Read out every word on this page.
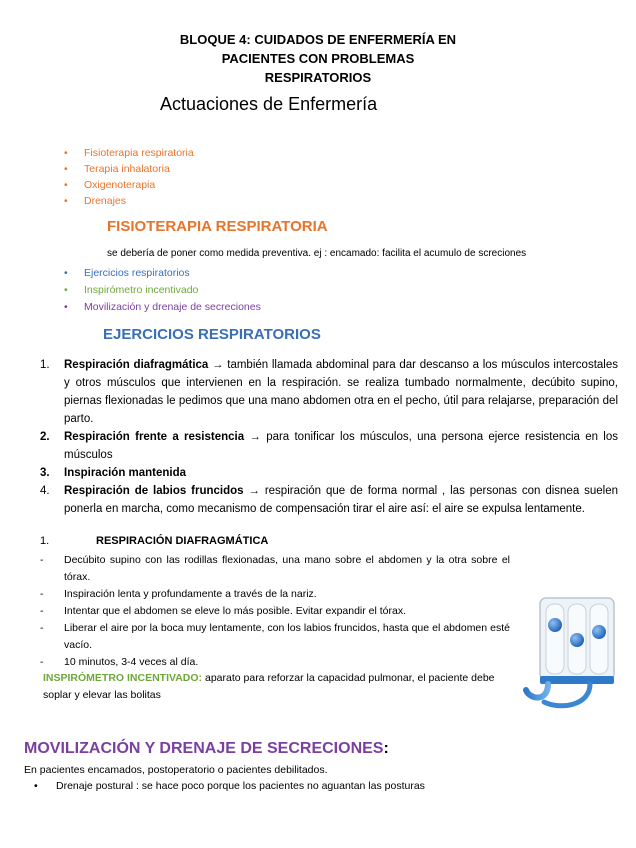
BLOQUE 4: CUIDADOS DE ENFERMERÍA EN
PACIENTES CON PROBLEMAS
RESPIRATORIOS
Actuaciones de Enfermería
• Fisioterapia respiratoria
• Terapia inhalatoria
• Oxigenoterapia
• Drenajes
FISIOTERAPIA RESPIRATORIA
se debería de poner como medida preventiva. ej : encamado: facilita el acumulo de screciones
• Ejercicios respiratorios
• Inspirómetro incentivado
• Movilización y drenaje de secreciones
EJERCICIOS RESPIRATORIOS
1.	Respiración diafragmática → también llamada abdominal para dar descanso a los músculos intercostales y otros músculos que intervienen en la respiración. se realiza tumbado normalmente, decúbito supino, piernas flexionadas le pedimos que una mano abdomen otra en el pecho, útil para relajarse, preparación del parto.
2.	Respiración frente a resistencia → para tonificar los músculos, una persona ejerce resistencia en los músculos
3.	Inspiración mantenida
4.	Respiración de labios fruncidos → respiración que de forma normal , las personas con disnea suelen ponerla en marcha, como mecanismo de compensación tirar el aire así: el aire se expulsa lentamente.
1.	RESPIRACIÓN DIAFRAGMÁTICA
-	Decúbito supino con las rodillas flexionadas, una mano sobre el abdomen y la otra sobre el tórax.
-	Inspiración lenta y profundamente a través de la nariz.
-	Intentar que el abdomen se eleve lo más posible. Evitar expandir el tórax.
-	Liberar el aire por la boca muy lentamente, con los labios fruncidos, hasta que el abdomen esté vacío.
-	10 minutos, 3-4 veces al día.
INSPIRÓMETRO INCENTIVADO: aparato para reforzar la capacidad pulmonar, el paciente debe soplar y elevar las bolitas
MOVILIZACIÓN Y DRENAJE DE SECRECIONES:
En pacientes encamados, postoperatorio o pacientes debilitados.
• Drenaje postural : se hace poco porque los pacientes no aguantan las posturas
